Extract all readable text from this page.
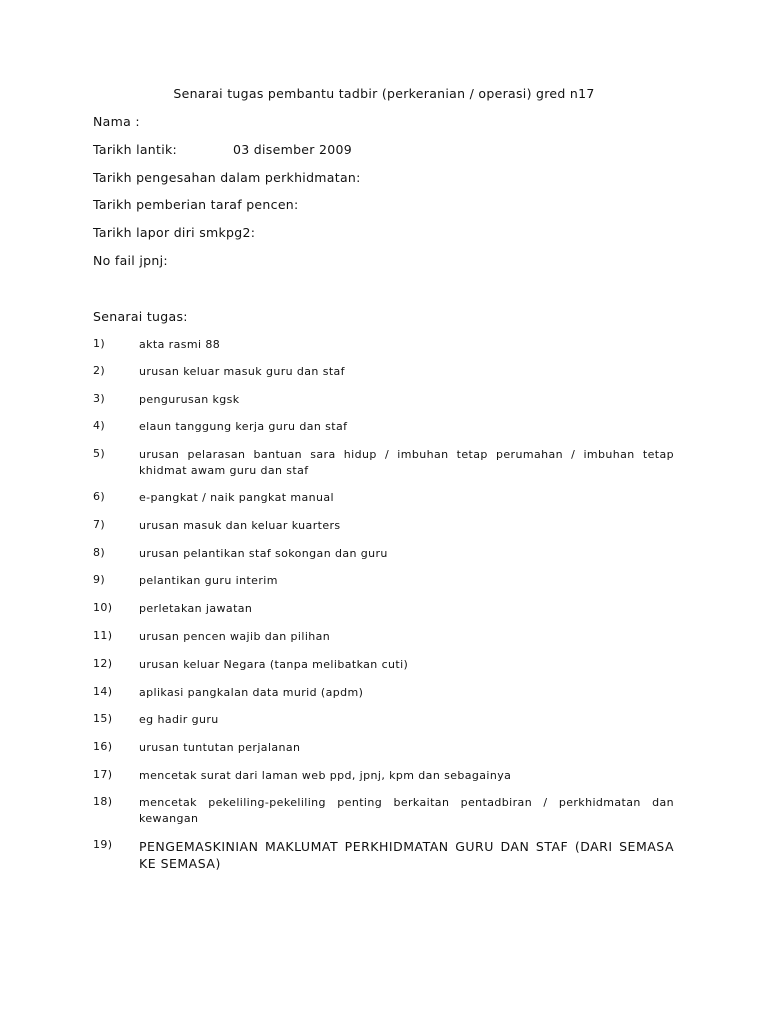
Senarai tugas pembantu tadbir (perkeranian / operasi) gred n17
Nama :
Tarikh lantik:	03 disember 2009
Tarikh pengesahan dalam perkhidmatan:
Tarikh pemberian taraf pencen:
Tarikh lapor diri smkpg2:
No fail jpnj:
Senarai tugas:
1)	akta rasmi 88
2)	urusan keluar masuk guru dan staf
3)	pengurusan kgsk
4)	elaun tanggung kerja guru dan staf
5)	urusan pelarasan bantuan sara hidup / imbuhan tetap perumahan / imbuhan tetap khidmat awam guru dan staf
6)	e-pangkat / naik pangkat manual
7)	urusan masuk dan keluar kuarters
8)	urusan pelantikan staf sokongan dan guru
9)	pelantikan guru interim
10)	perletakan jawatan
11)	urusan pencen wajib dan pilihan
12)	urusan keluar Negara (tanpa melibatkan cuti)
14)	aplikasi pangkalan data murid (apdm)
15)	eg hadir guru
16)	urusan tuntutan perjalanan
17)	mencetak surat dari laman web ppd, jpnj, kpm dan sebagainya
18)	mencetak pekeliling-pekeliling penting berkaitan pentadbiran / perkhidmatan dan kewangan
19)	PENGEMASKINIAN MAKLUMAT PERKHIDMATAN GURU DAN STAF (DARI SEMASA KE SEMASA)
